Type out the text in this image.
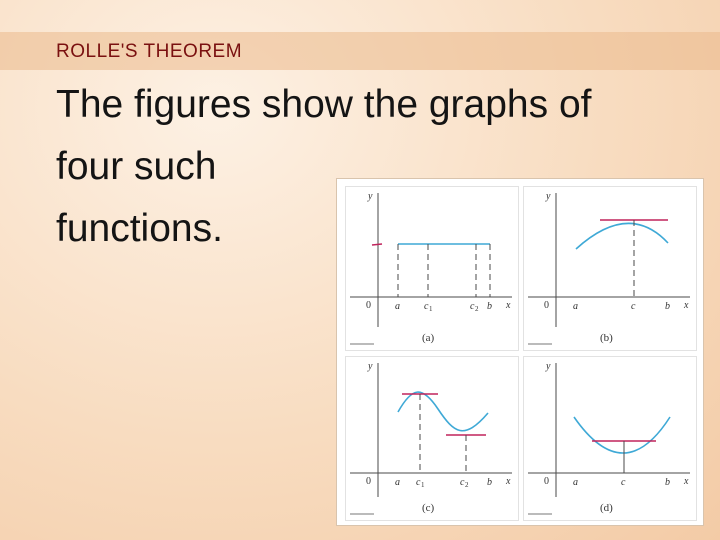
ROLLE'S THEOREM
The figures show the graphs of
four such
functions.
y
x
0 a c 1	c 2 b
(a)
y
x
0 a	c	b
(b)
y
x
0 a c 1	c 2 b
(c)
y
x
0 a	c	b
(d)
